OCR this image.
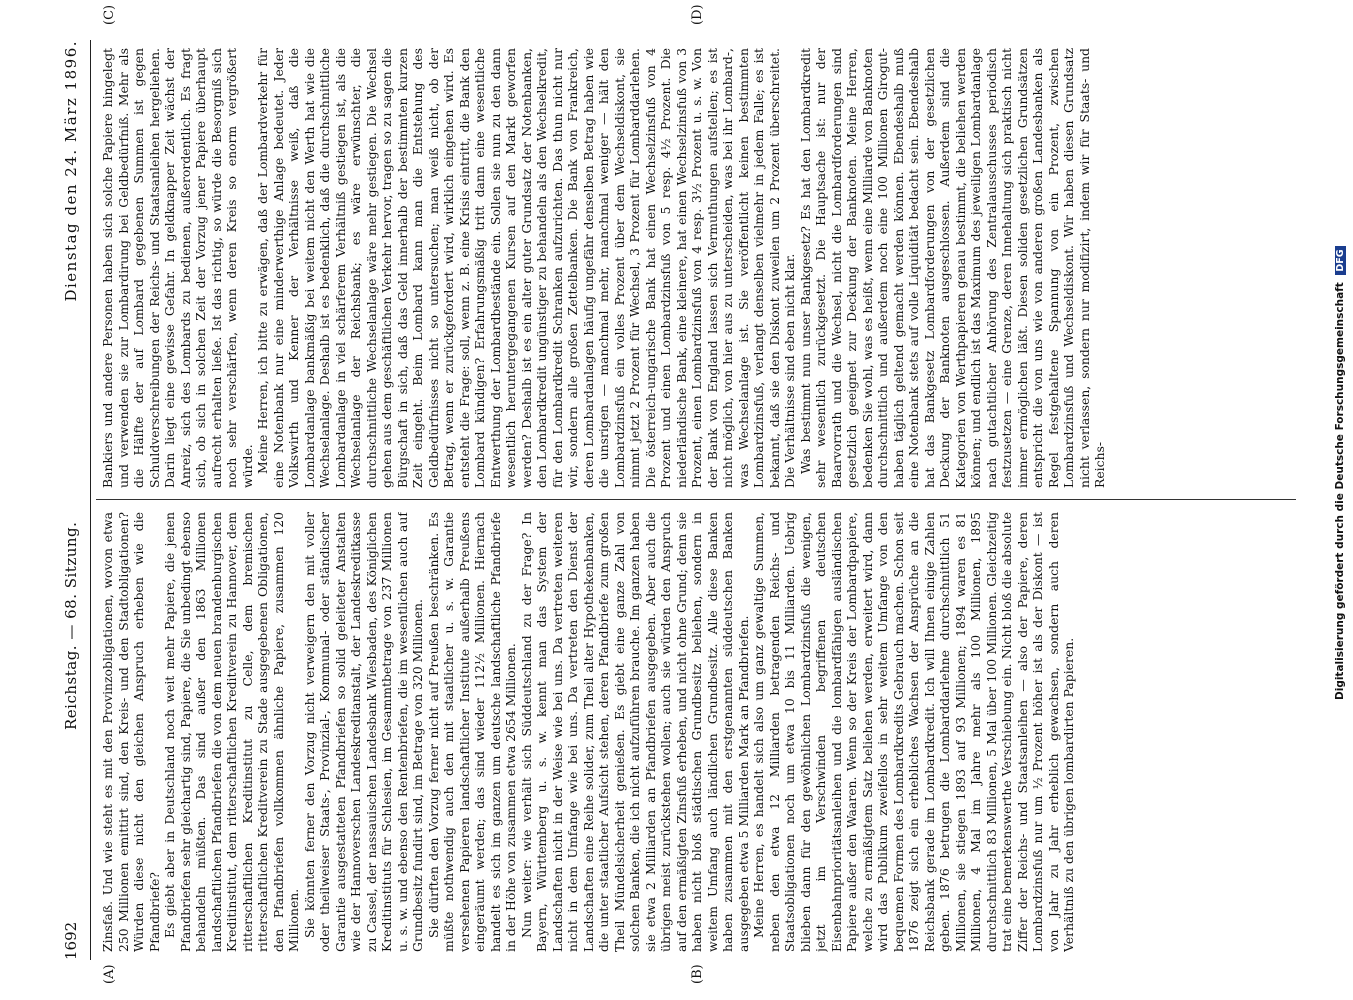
1692
Reichstag. — 68. Sitzung.
Dienstag den 24. März 1896.
(A)	(B)
(C)	(D)

Zinsfaß. Und wie steht es mit den Provinzobligationen, wovon etwa 250 Millionen emittirt sind, den Kreis- und den Stadtobligationen? Würden diese nicht den gleichen Anspruch erheben wie die Pfandbriefe? Es giebt aber in Deutschland noch weit mehr Papiere, die jenen Pfandbriefen sehr gleichartig sind, Papiere, die Sie unbedingt ebenso behandeln müßten. Das sind außer den 1863 Millionen landschaftlichen Pfandbriefen die von dem neuen brandenburgischen Kreditinstitut, dem ritterschaftlichen Kreditverein zu Hannover, dem ritterschaftlichen Kreditinstitut zu Celle, dem bremischen ritterschaftlichen Kreditverein zu Stade ausgegebenen Obligationen, den Pfandbriefen vollkommen ähnliche Papiere, zusammen 120 Millionen. Sie könnten ferner den Vorzug nicht verweigern den mit voller oder theilweiser Staats-, Provinzial-, Kommunal- oder ständischer Garantie ausgestatteten Pfandbriefen so solid geleiteter Anstalten wie der Hannoverschen Landeskreditanstalt, der Landeskreditkasse zu Cassel, der nassauischen Landesbank Wiesbaden, des Königlichen Kreditinstituts für Schlesien, im Gesammtbetrage von 237 Millionen u. s. w. und ebenso den Rentenbriefen, die im wesentlichen auch auf Grundbesitz fundirt sind, im Betrage von 320 Millionen. Sie dürften den Vorzug ferner nicht auf Preußen beschränken. Es müßte nothwendig auch den mit staatlicher u. s. w. Garantie versehenen Papieren landschaftlicher Institute außerhalb Preußens eingeräumt werden; das sind wieder 112½ Millionen. Hiernach handelt es sich im ganzen um deutsche landschaftliche Pfandbriefe in der Höhe von zusammen etwa 2654 Millionen. Nun weiter: wie verhält sich Süddeutschland zu der Frage? In Bayern, Württemberg u. s. w. kennt man das System der Landschaften nicht in der Weise wie bei uns. Da vertreten weiteren nicht in dem Umfange wie bei uns. Da vertreten den Dienst der Landschaften eine Reihe solider, zum Theil alter Hypothekenbanken, die unter staatlicher Aufsicht stehen, deren Pfandbriefe zum großen Theil Mündelsicherheit genießen. Es giebt eine ganze Zahl von solchen Banken, die ich nicht aufzuführen brauche. Im ganzen haben sie etwa 2 Milliarden an Pfandbriefen ausgegeben. Aber auch die übrigen meist zurückstehen wollen; auch sie würden den Anspruch auf den ermäßigten Zinsfuß erheben, und nicht ohne Grund; denn sie haben nicht bloß städtischen Grundbesitz beliehen, sondern in weitem Umfang auch ländlichen Grundbesitz. Alle diese Banken haben zusammen mit den erstgenannten süddeutschen Banken ausgegeben etwa 5 Milliarden Mark an Pfandbriefen. Meine Herren, es handelt sich also um ganz gewaltige Summen, neben den etwa 12 Milliarden betragenden Reichs- und Staatsobligationen noch um etwa 10 bis 11 Milliarden. Uebrig blieben dann für den gewöhnlichen Lombardzinsfuß die wenigen, jetzt im Verschwinden begriffenen deutschen Eisenbahnprioritätsanleihen und die lombardfähigen ausländischen Papiere außer den Waaren. Wenn so der Kreis der Lombardpapiere, welche zu ermäßigtem Satz beliehen werden, erweitert wird, dann wird das Publikum zweifellos in sehr weitem Umfange von den bequemen Formen des Lombardkredits Gebrauch machen. Schon seit 1876 zeigt sich ein erhebliches Wachsen der Ansprüche an die Reichsbank gerade im Lombardkredit. Ich will Ihnen einige Zahlen geben. 1876 betrugen die Lombarddarlehne durchschnittlich 51 Millionen, sie stiegen 1893 auf 93 Millionen; 1894 waren es 81 Millionen, 4 Mal im Jahre mehr als 100 Millionen, 1895 durchschnittlich 83 Millionen, 5 Mal über 100 Millionen. Gleichzeitig trat eine bemerkenswerthe Verschiebung ein. Nicht bloß die absolute Ziffer der Reichs- und Staatsanleihen — also der Papiere, deren Lombardzinsfuß nur um ½ Prozent höher ist als der Diskont — ist von Jahr zu Jahr erheblich gewachsen, sondern auch deren Verhältniß zu den übrigen lombardirten Papieren.

Bankiers und andere Personen haben sich solche Papiere hingelegt und verwenden sie zur Lombardirung bei Geldbedürfniß. Mehr als die Hälfte der auf Lombard gegebenen Summen ist gegen Schuldverschreibungen der Reichs- und Staatsanleihen hergeliehen. Darin liegt eine gewisse Gefahr. In geldknapper Zeit wächst der Anreiz, sich des Lombards zu bedienen, außerordentlich. Es fragt sich, ob sich in solchen Zeit der Vorzug jener Papiere überhaupt aufrecht erhalten ließe. Ist das richtig, so würde die Besorgniß sich noch sehr verschärfen, wenn deren Kreis so enorm vergrößert würde. Meine Herren, ich bitte zu erwägen, daß der Lombardverkehr für eine Notenbank nur eine minderwerthige Anlage bedeutet. Jeder Volkswirth und Kenner der Verhältnisse weiß, daß die Lombardanlage bankmäßig bei weitem nicht den Werth hat wie die Wechselanlage. Deshalb ist es bedenklich, daß die durchschnittliche Lombardanlage in viel schärferem Verhältniß gestiegen ist, als die Wechselanlage der Reichsbank; es wäre erwünschter, die durchschnittliche Wechselanlage wäre mehr gestiegen. Die Wechsel gehen aus dem geschäftlichen Verkehr hervor, tragen so zu sagen die Bürgschaft in sich, daß das Geld innerhalb der bestimmten kurzen Zeit eingeht. Beim Lombard kann man die Entstehung des Geldbedürfnisses nicht so untersuchen; man weiß nicht, ob der Betrag, wenn er zurückgefordert wird, wirklich eingehen wird. Es entsteht die Frage: soll, wenn z. B. eine Krisis eintritt, die Bank den Lombard kündigen? Erfahrungsmäßig tritt dann eine wesentliche Entwerthung der Lombardbestände ein. Sollen sie nun zu den dann wesentlich heruntergegangenen Kursen auf den Markt geworfen werden? Deshalb ist es ein alter guter Grundsatz der Notenbanken, den Lombardkredit ungünstiger zu behandeln als den Wechselkredit, für den Lombardkredit Schranken aufzurichten. Das thun nicht nur wir, sondern alle großen Zettelbanken. Die Bank von Frankreich, deren Lombardanlagen häufig ungefähr denselben Betrag haben wie die unsrigen — manchmal mehr, manchmal weniger — hält den Lombardzinsfuß ein volles Prozent über dem Wechseldiskont, sie nimmt jetzt 2 Prozent für Wechsel, 3 Prozent für Lombarddarlehen. Die österreich-ungarische Bank hat einen Wechselzinsfuß von 4 Prozent und einen Lombardzinsfuß von 5 resp. 4½ Prozent. Die niederländische Bank, eine kleinere, hat einen Wechselzinsfuß von 3 Prozent, einen Lombardzinsfuß von 4 resp. 3½ Prozent u. s. w. Von der Bank von England lassen sich Vermuthungen aufstellen; es ist nicht möglich, von hier aus zu unterscheiden, was bei ihr Lombard-, was Wechselanlage ist. Sie veröffentlicht keinen bestimmten Lombardzinsfuß, verlangt denselben vielmehr in jedem Falle; es ist bekannt, daß sie den Diskont zuweilen um 2 Prozent überschreitet. Die Verhältnisse sind eben nicht klar. Was bestimmt nun unser Bankgesetz? Es hat den Lombardkredit sehr wesentlich zurückgesetzt. Die Hauptsache ist: nur der Baarvorrath und die Wechsel, nicht die Lombardforderungen sind gesetzlich geeignet zur Deckung der Banknoten. Meine Herren, bedenken Sie wohl, was es heißt, wenn eine Milliarde von Banknoten durchschnittlich und außerdem noch eine 100 Millionen Giroguthaben täglich geltend gemacht werden können. Ebendeshalb muß eine Notenbank stets auf volle Liquidität bedacht sein. Ebendeshalb hat das Bankgesetz Lombardforderungen von der gesetzlichen Deckung der Banknoten ausgeschlossen. Außerdem sind die Kategorien von Werthpapieren genau bestimmt, die beliehen werden können; und endlich ist das Maximum des jeweiligen Lombardanlage nach gutachtlicher Anhörung des Zentralausschusses periodisch festzusetzen — eine Grenze, deren Innehaltung sich praktisch nicht immer ermöglichen läßt. Diesen soliden gesetzlichen Grundsätzen entspricht die von uns wie von anderen großen Landesbanken als Regel festgehaltene Spannung von ein Prozent, zwischen Lombardzinsfuß und Wechseldiskont. Wir haben diesen Grundsatz nicht verlassen, sondern nur modifizirt, indem wir für Staats- und Reichs-	Digitalisierung gefördert durch die Deutsche Forschungsgemeinschaft DFG
